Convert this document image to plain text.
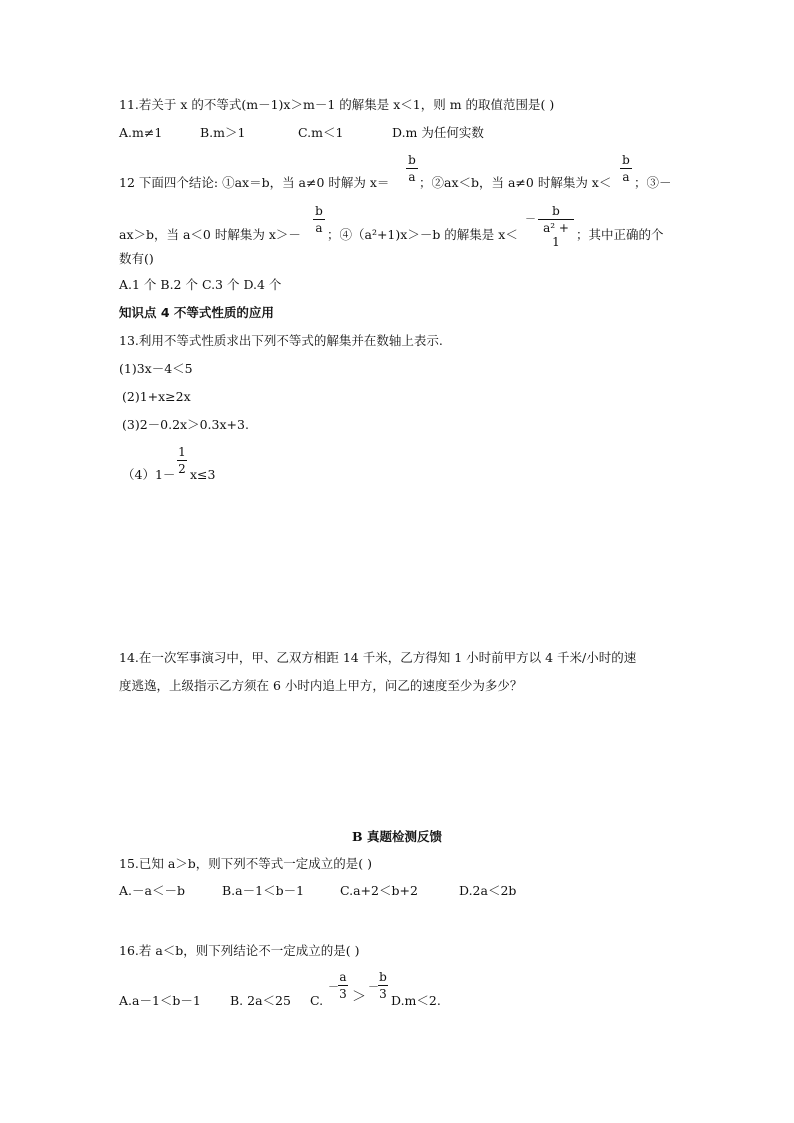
11.若关于 x 的不等式(m－1)x＞m－1 的解集是 x＜1，则 m 的取值范围是( )
A.m≠1	B.m＞1	C.m＜1	D.m 为任何实数
12 下面四个结论: ①ax＝b，当 a≠0 时解为 x＝
b
a ；②ax＜b，当 a≠0 时解集为 x＜
b
a ；③－
ax＞b，当 a＜0 时解集为 x＞－
b
a ；④（a²+1)x＞－b 的解集是 x＜
－
b
a² + 1	；其中正确的个
数有()
A.1 个 B.2 个 C.3 个 D.4 个
知识点 4 不等式性质的应用
13.利用不等式性质求出下列不等式的解集并在数轴上表示.
(1)3x－4＜5
(2)1+x≥2x
(3)2－0.2x＞0.3x+3.
（4）1－
1
2 x≤3
14.在一次军事演习中，甲、乙双方相距 14 千米，乙方得知 1 小时前甲方以 4 千米/小时的速
度逃逸，上级指示乙方须在 6 小时内追上甲方，问乙的速度至少为多少？
B 真题检测反馈
15.已知 a＞b，则下列不等式一定成立的是( )
A.－a＜－b	B.a－1＜b－1	C.a+2＜b+2	D.2a＜2b
16.若 a＜b，则下列结论不一定成立的是( )
A.a－1＜b－1 B. 2a＜25 C.
－
a
3 ＞
－
b
3 D.m＜2.
